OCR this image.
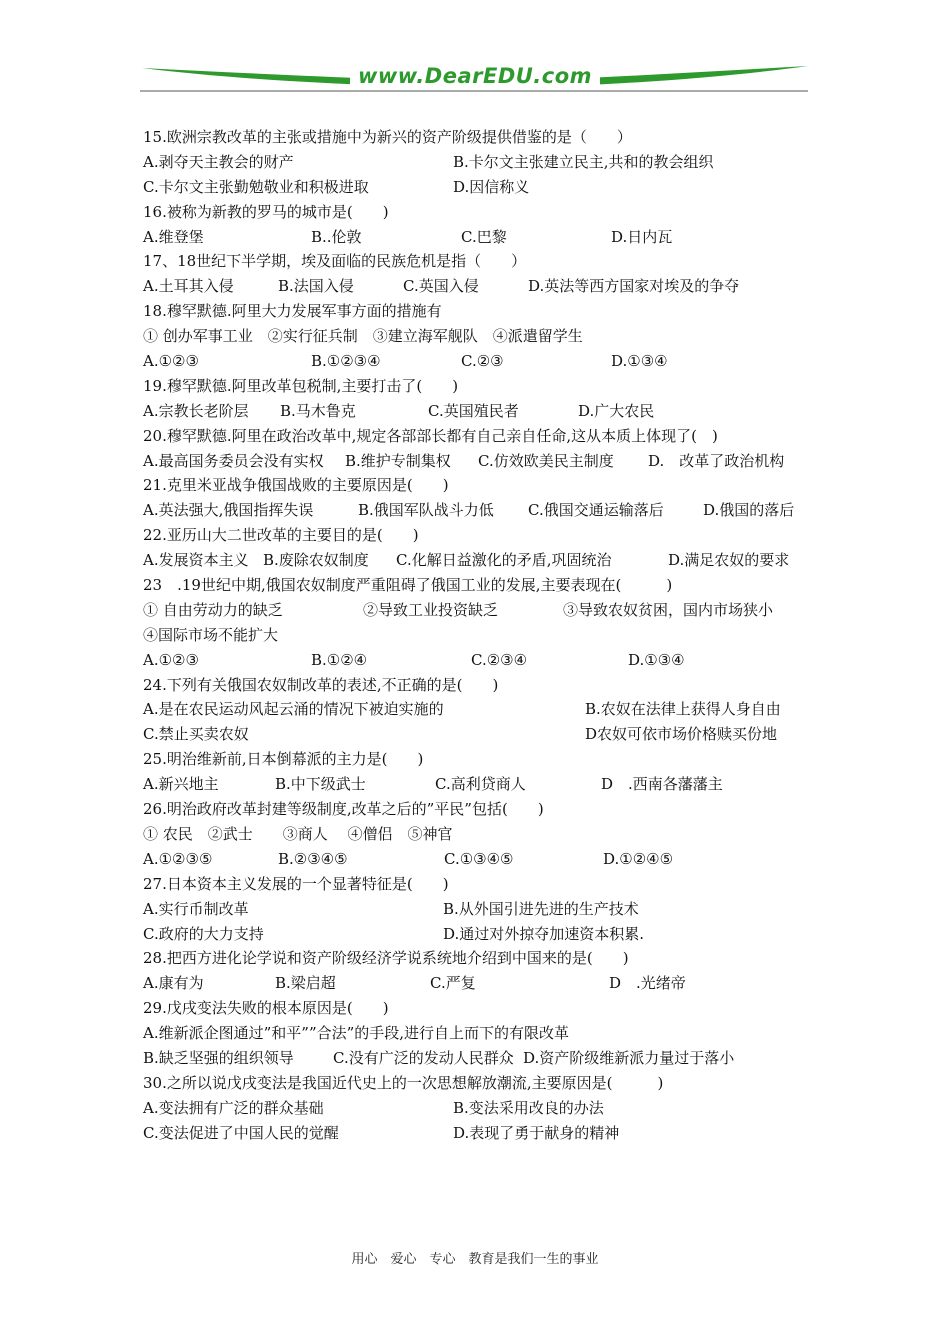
www.DearEDU.com
15.欧洲宗教改革的主张或措施中为新兴的资产阶级提供借鉴的是（　　）
A.剥夺天主教会的财产	B.卡尔文主张建立民主,共和的教会组织
C.卡尔文主张勤勉敬业和积极进取	D.因信称义
16.被称为新教的罗马的城市是(　　)
A.维登堡	B..伦敦	C.巴黎	D.日内瓦
17、18世纪下半学期，埃及面临的民族危机是指（　　）
A.土耳其入侵	B.法国入侵	C.英国入侵	D.英法等西方国家对埃及的争夺
18.穆罕默德.阿里大力发展军事方面的措施有
① 创办军事工业　②实行征兵制　③建立海军舰队　④派遣留学生
A.①②③	B.①②③④	C.②③	D.①③④
19.穆罕默德.阿里改革包税制,主要打击了(　　)
A.宗教长老阶层 B.马木鲁克	C.英国殖民者	D.广大农民
20.穆罕默德.阿里在政治改革中,规定各部部长都有自己亲自任命,这从本质上体现了(　)
A.最高国务委员会没有实权 B.维护专制集权 C.仿效欧美民主制度 D.　改革了政治机构
21.克里米亚战争俄国战败的主要原因是(　　)
A.英法强大,俄国指挥失误	B.俄国军队战斗力低 C.俄国交通运输落后	D.俄国的落后
22.亚历山大二世改革的主要目的是(　　)
A.发展资本主义 B.废除农奴制度 C.化解日益激化的矛盾,巩固统治	D.满足农奴的要求
23　.19世纪中期,俄国农奴制度严重阻碍了俄国工业的发展,主要表现在(　　　)
① 自由劳动力的缺乏	②导致工业投资缺乏	③导致农奴贫困，国内市场狭小
④国际市场不能扩大
A.①②③	B.①②④	C.②③④	D.①③④
24.下列有关俄国农奴制改革的表述,不正确的是(　　)
A.是在农民运动风起云涌的情况下被迫实施的	B.农奴在法律上获得人身自由
C.禁止买卖农奴	D农奴可依市场价格赎买份地
25.明治维新前,日本倒幕派的主力是(　　)
A.新兴地主	B.中下级武士	C.高利贷商人	D　.西南各藩藩主
26.明治政府改革封建等级制度,改革之后的”平民”包括(　　)
① 农民　②武士　　③商人　 ④僧侣　⑤神官
A.①②③⑤	B.②③④⑤	C.①③④⑤	D.①②④⑤
27.日本资本主义发展的一个显著特征是(　　)
A.实行币制改革	B.从外国引进先进的生产技术
C.政府的大力支持	D.通过对外掠夺加速资本积累.
28.把西方进化论学说和资产阶级经济学说系统地介绍到中国来的是(　　)
A.康有为	B.梁启超	C.严复	D　.光绪帝
29.戊戌变法失败的根本原因是(　　)
A.维新派企图通过”和平””合法”的手段,进行自上而下的有限改革
B.缺乏坚强的组织领导	C.没有广泛的发动人民群众 D.资产阶级维新派力量过于落小
30.之所以说戊戌变法是我国近代史上的一次思想解放潮流,主要原因是(　　　)
A.变法拥有广泛的群众基础	B.变法采用改良的办法
C.变法促进了中国人民的觉醒	D.表现了勇于献身的精神
用心　爱心　专心　教育是我们一生的事业
